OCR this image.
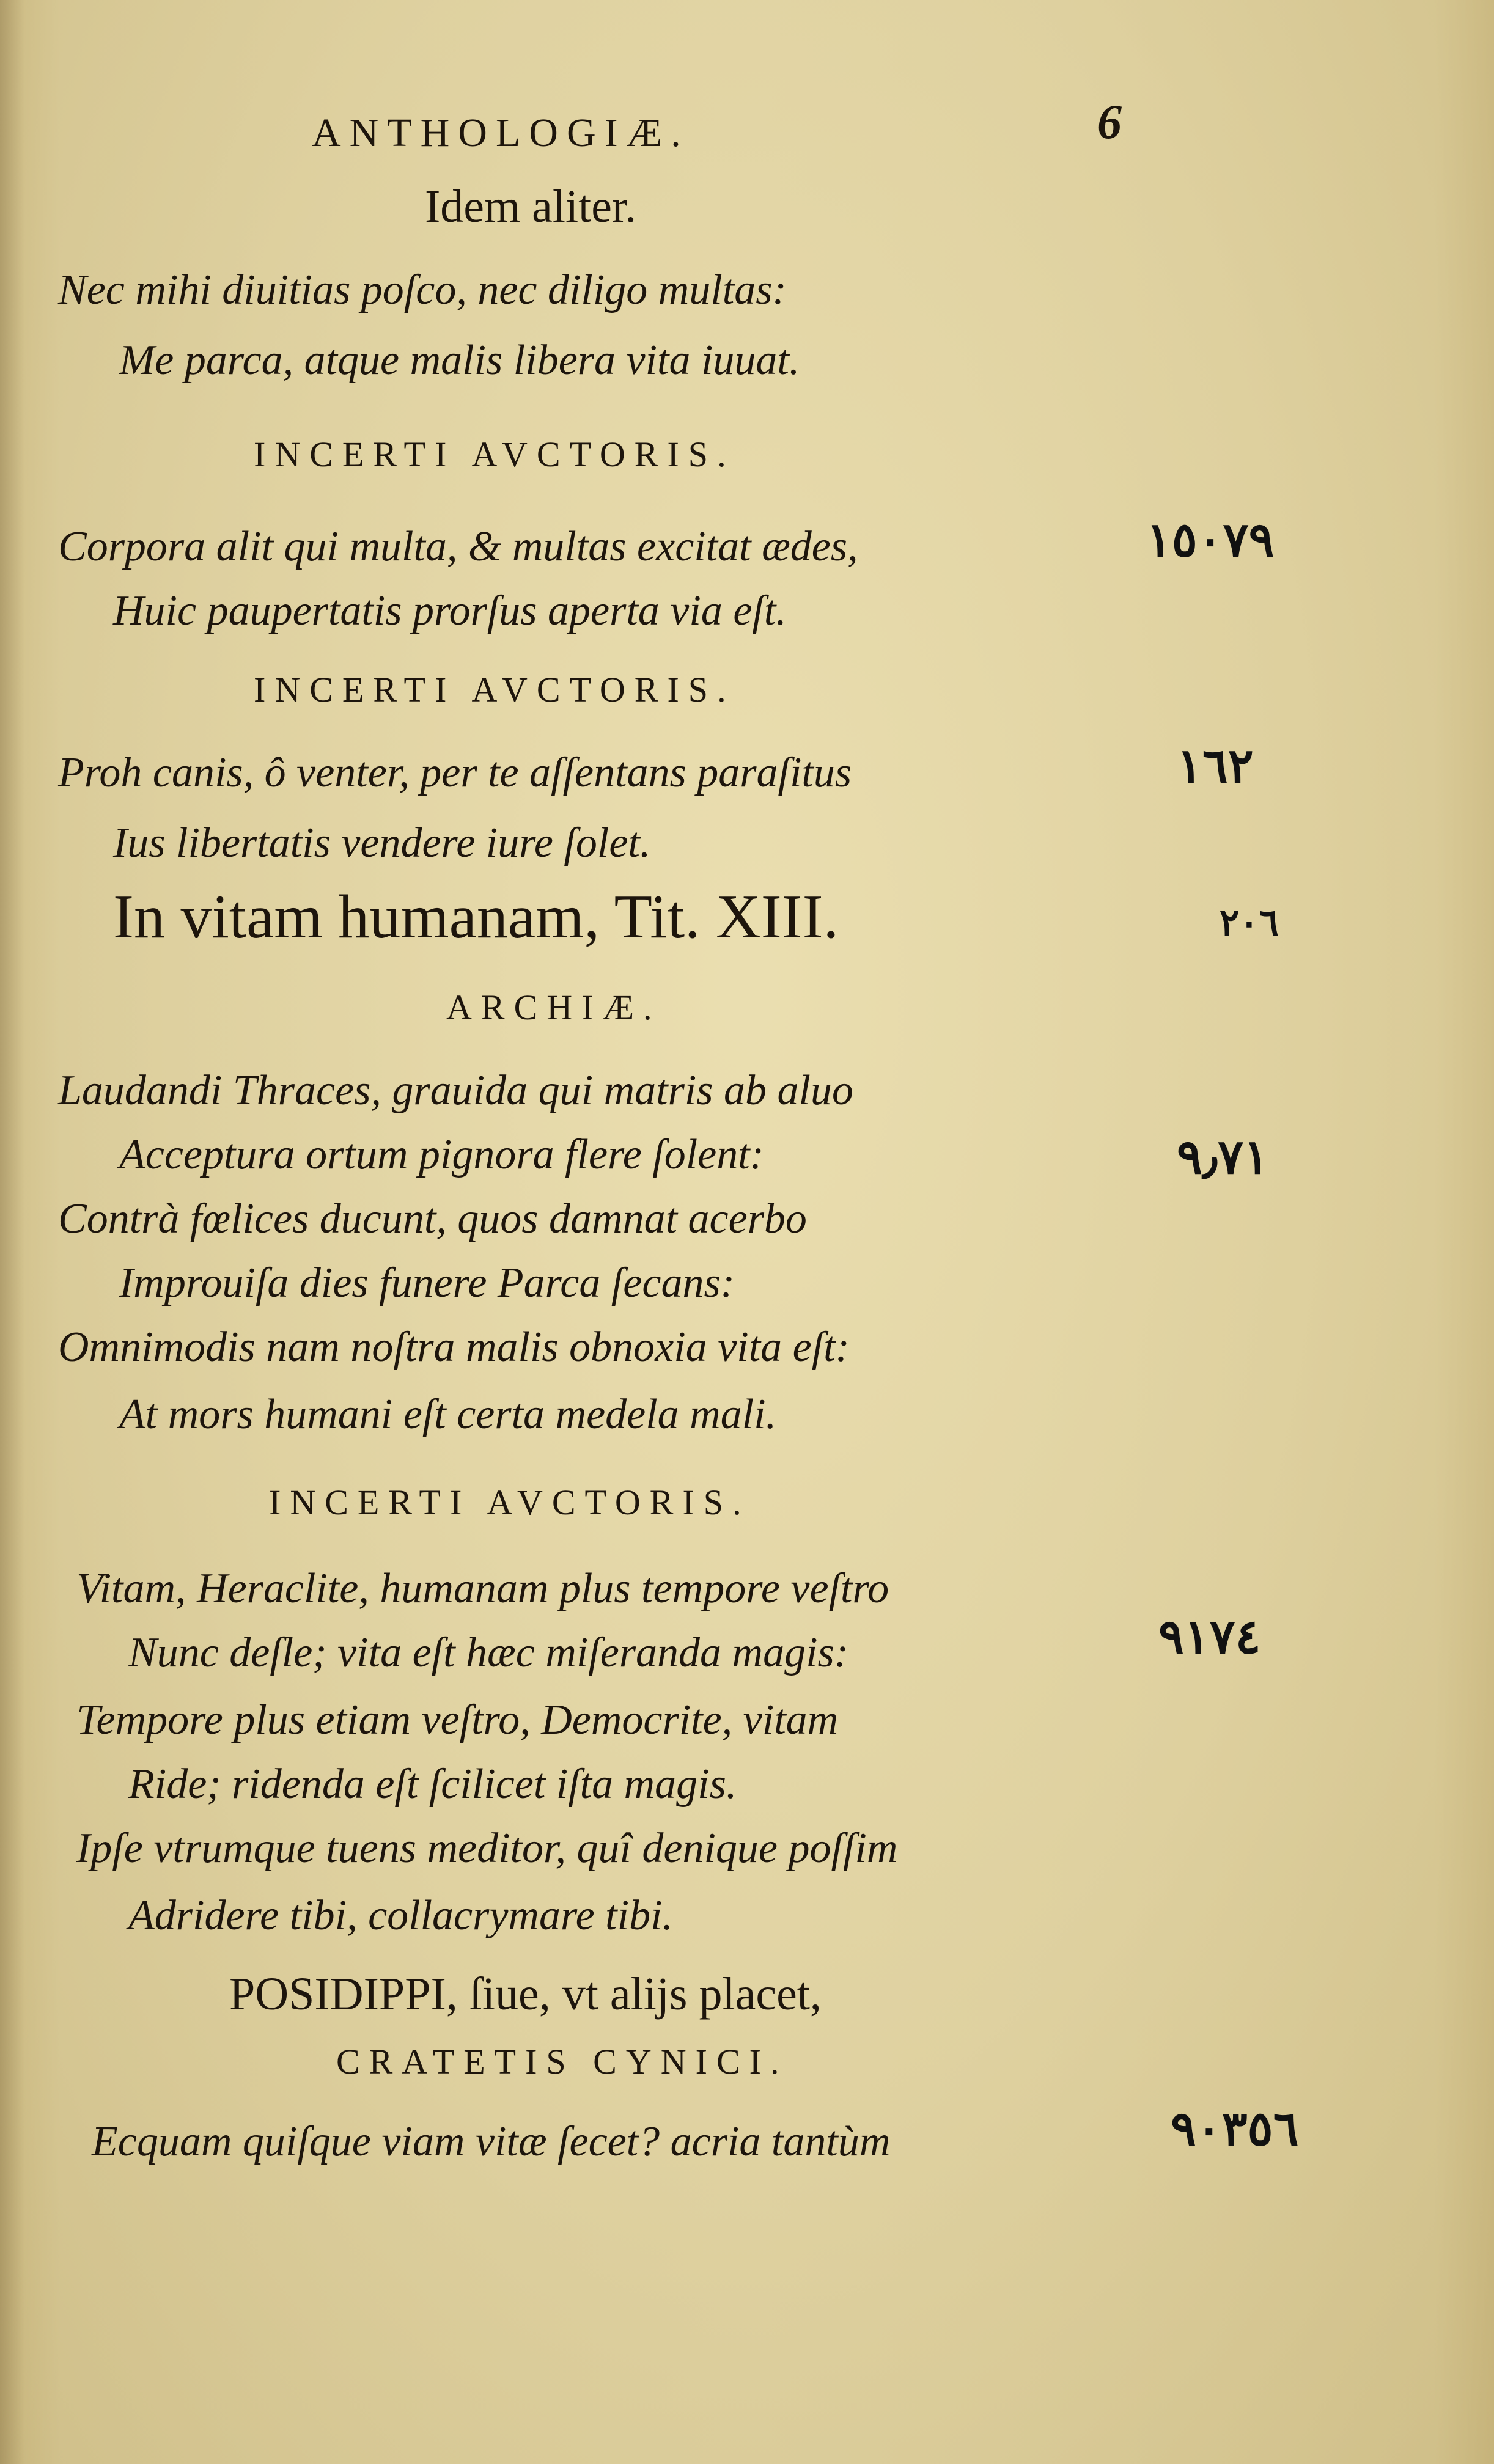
ANTHOLOGIÆ.	6
Idem aliter.
Nec mihi diuitias poſco, nec diligo multas:
Me parca, atque malis libera vita iuuat.
INCERTI AVCTORIS.
Corpora alit qui multa, & multas excitat ædes,
Huic paupertatis prorſus aperta via eſt.
INCERTI AVCTORIS.
Proh canis, ô venter, per te aſſentans paraſitus
Ius libertatis vendere iure ſolet.
In vitam humanam, Tit. XIII.
ARCHIÆ.
Laudandi Thraces, grauida qui matris ab aluo
Acceptura ortum pignora flere ſolent:
Contrà fœlices ducunt, quos damnat acerbo
Improuiſa dies funere Parca ſecans:
Omnimodis nam noſtra malis obnoxia vita eſt:
At mors humani eſt certa medela mali.
INCERTI AVCTORIS.
Vitam, Heraclite, humanam plus tempore veſtro
Nunc deſle; vita eſt hæc miſeranda magis:
Tempore plus etiam veſtro, Democrite, vitam
Ride; ridenda eſt ſcilicet iſta magis.
Ipſe vtrumque tuens meditor, quî denique poſſim
Adridere tibi, collacrymare tibi.
POSIDIPPI, ſiue, vt alijs placet,
CRATETIS CYNICI.
Ecquam quiſque viam vitæ ſecet? acria tantùm
١٥٠٧٩
١٦٢
٢٠٦
٩٫٧١
٩١٧٤
٩٠٣٥٦
